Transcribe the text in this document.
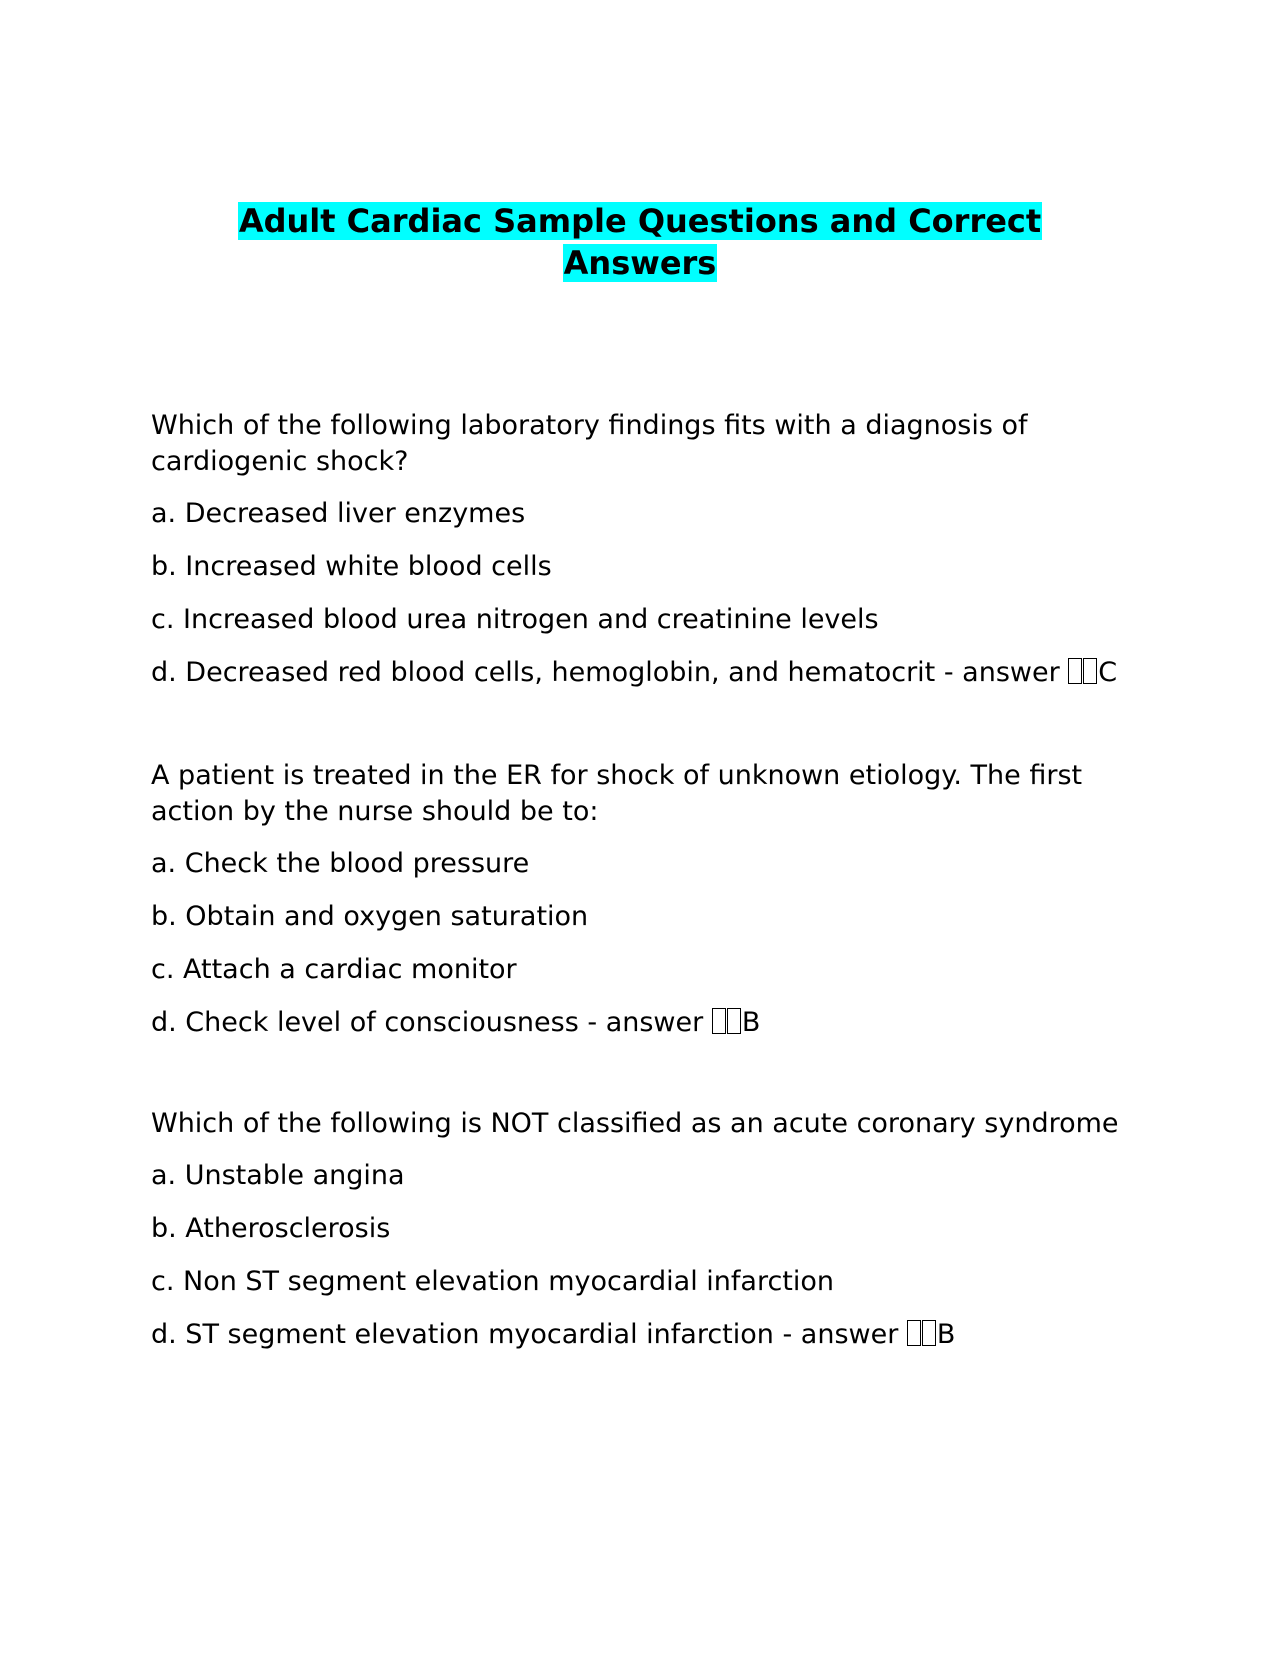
Adult Cardiac Sample Questions and Correct
Answers

Which of the following laboratory findings fits with a diagnosis of cardiogenic shock?

a. Decreased liver enzymes

b. Increased white blood cells

c. Increased blood urea nitrogen and creatinine levels

d. Decreased red blood cells, hemoglobin, and hematocrit - answer C

A patient is treated in the ER for shock of unknown etiology. The first action by the nurse should be to:

a. Check the blood pressure

b. Obtain and oxygen saturation

c. Attach a cardiac monitor

d. Check level of consciousness - answer B

Which of the following is NOT classified as an acute coronary syndrome

a. Unstable angina

b. Atherosclerosis

c. Non ST segment elevation myocardial infarction

d. ST segment elevation myocardial infarction - answer B
